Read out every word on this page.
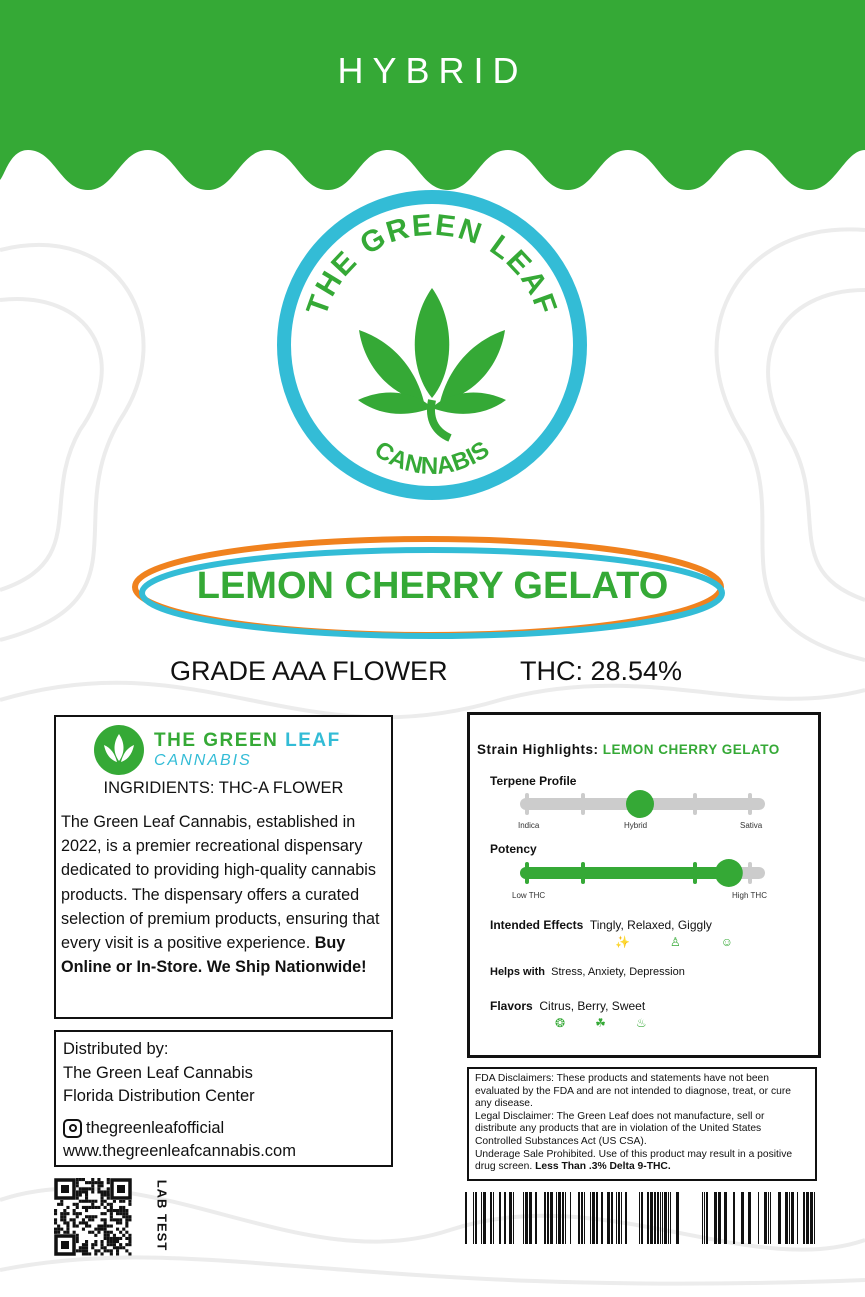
THE GREEN LEAF
CANNABIS
HYBRID
LEMON CHERRY GELATO
GRADE AAA FLOWER	THC: 28.54%
THE GREEN LEAF
CANNABIS
INGRIDIENTS: THC-A FLOWER
The Green Leaf Cannabis, established in 2022, is a premier recreational dispensary dedicated to providing high-quality cannabis products. The dispensary offers a curated selection of premium products, ensuring that every visit is a positive experience. Buy Online or In-Store. We Ship Nationwide!
Distributed by:
The Green Leaf Cannabis
Florida Distribution Center
thegreenleafofficial
www.thegreenleafcannabis.com
LAB TEST
Strain Highlights: LEMON CHERRY GELATO
Terpene Profile
Indica	Hybrid	Sativa
Potency
Low THC	High THC
Intended Effects Tingly, Relaxed, Giggly
✨	♙	☺
Helps with Stress, Anxiety, Depression
Flavors Citrus, Berry, Sweet
❂	☘	♨
FDA Disclaimers: These products and statements have not been evaluated by the FDA and are not intended to diagnose, treat, or cure any disease.
Legal Disclaimer: The Green Leaf does not manufacture, sell or distribute any products that are in violation of the United States Controlled Substances Act (US CSA).
Underage Sale Prohibited. Use of this product may result in a positive drug screen. Less Than .3% Delta 9-THC.
